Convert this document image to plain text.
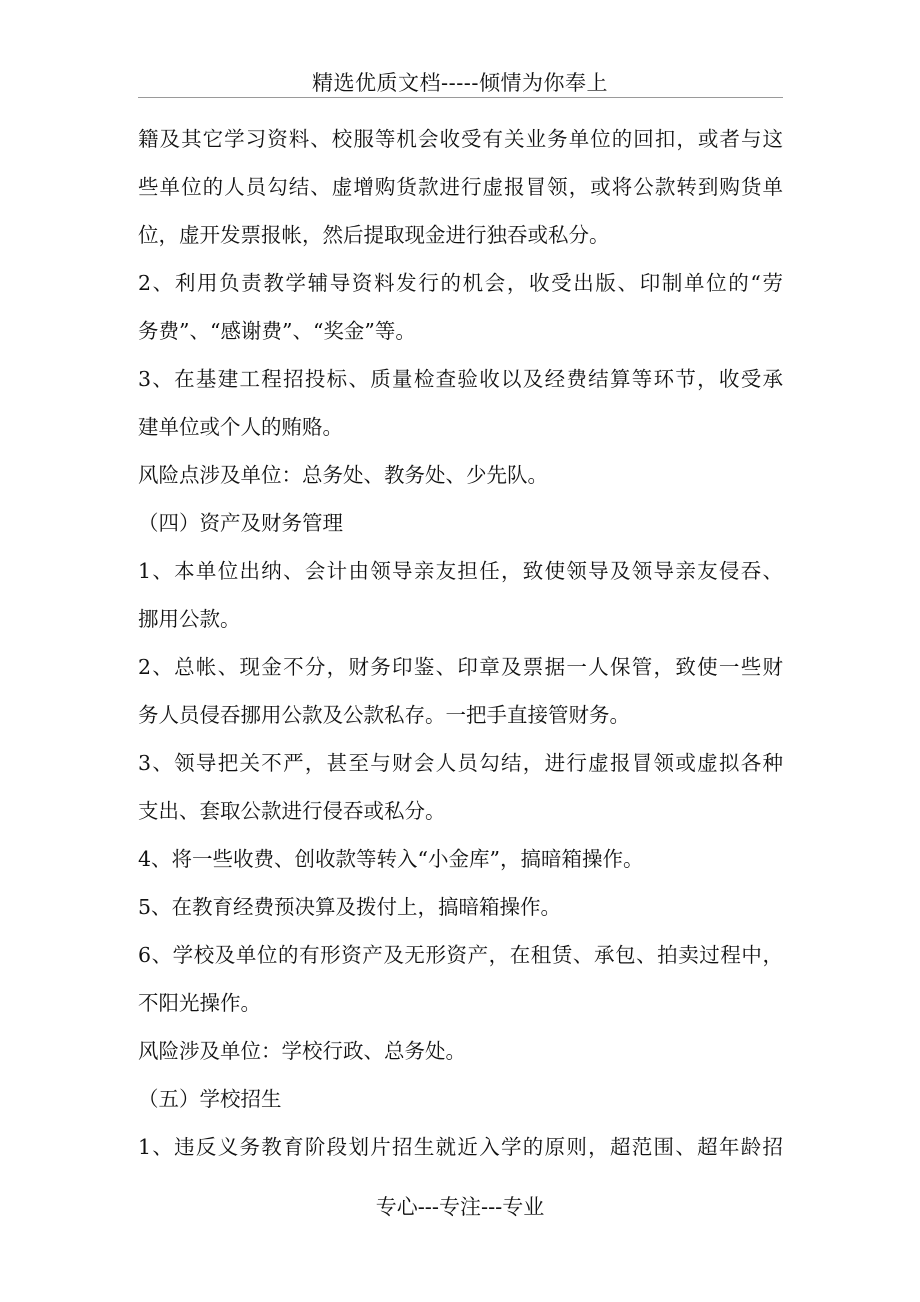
精选优质文档-----倾情为你奉上
籍及其它学习资料、校服等机会收受有关业务单位的回扣，或者与这
些单位的人员勾结、虚增购货款进行虚报冒领，或将公款转到购货单
位，虚开发票报帐，然后提取现金进行独吞或私分。
2、利用负责教学辅导资料发行的机会，收受出版、印制单位的“劳
务费”、“感谢费”、“奖金”等。
3、在基建工程招投标、质量检查验收以及经费结算等环节，收受承
建单位或个人的贿赂。
风险点涉及单位：总务处、教务处、少先队。
（四）资产及财务管理
1、本单位出纳、会计由领导亲友担任，致使领导及领导亲友侵吞、
挪用公款。
2、总帐、现金不分，财务印鉴、印章及票据一人保管，致使一些财
务人员侵吞挪用公款及公款私存。一把手直接管财务。
3、领导把关不严，甚至与财会人员勾结，进行虚报冒领或虚拟各种
支出、套取公款进行侵吞或私分。
4、将一些收费、创收款等转入“小金库”，搞暗箱操作。
5、在教育经费预决算及拨付上，搞暗箱操作。
6、学校及单位的有形资产及无形资产，在租赁、承包、拍卖过程中，
不阳光操作。
风险涉及单位：学校行政、总务处。
（五）学校招生
1、违反义务教育阶段划片招生就近入学的原则，超范围、超年龄招
专心---专注---专业
